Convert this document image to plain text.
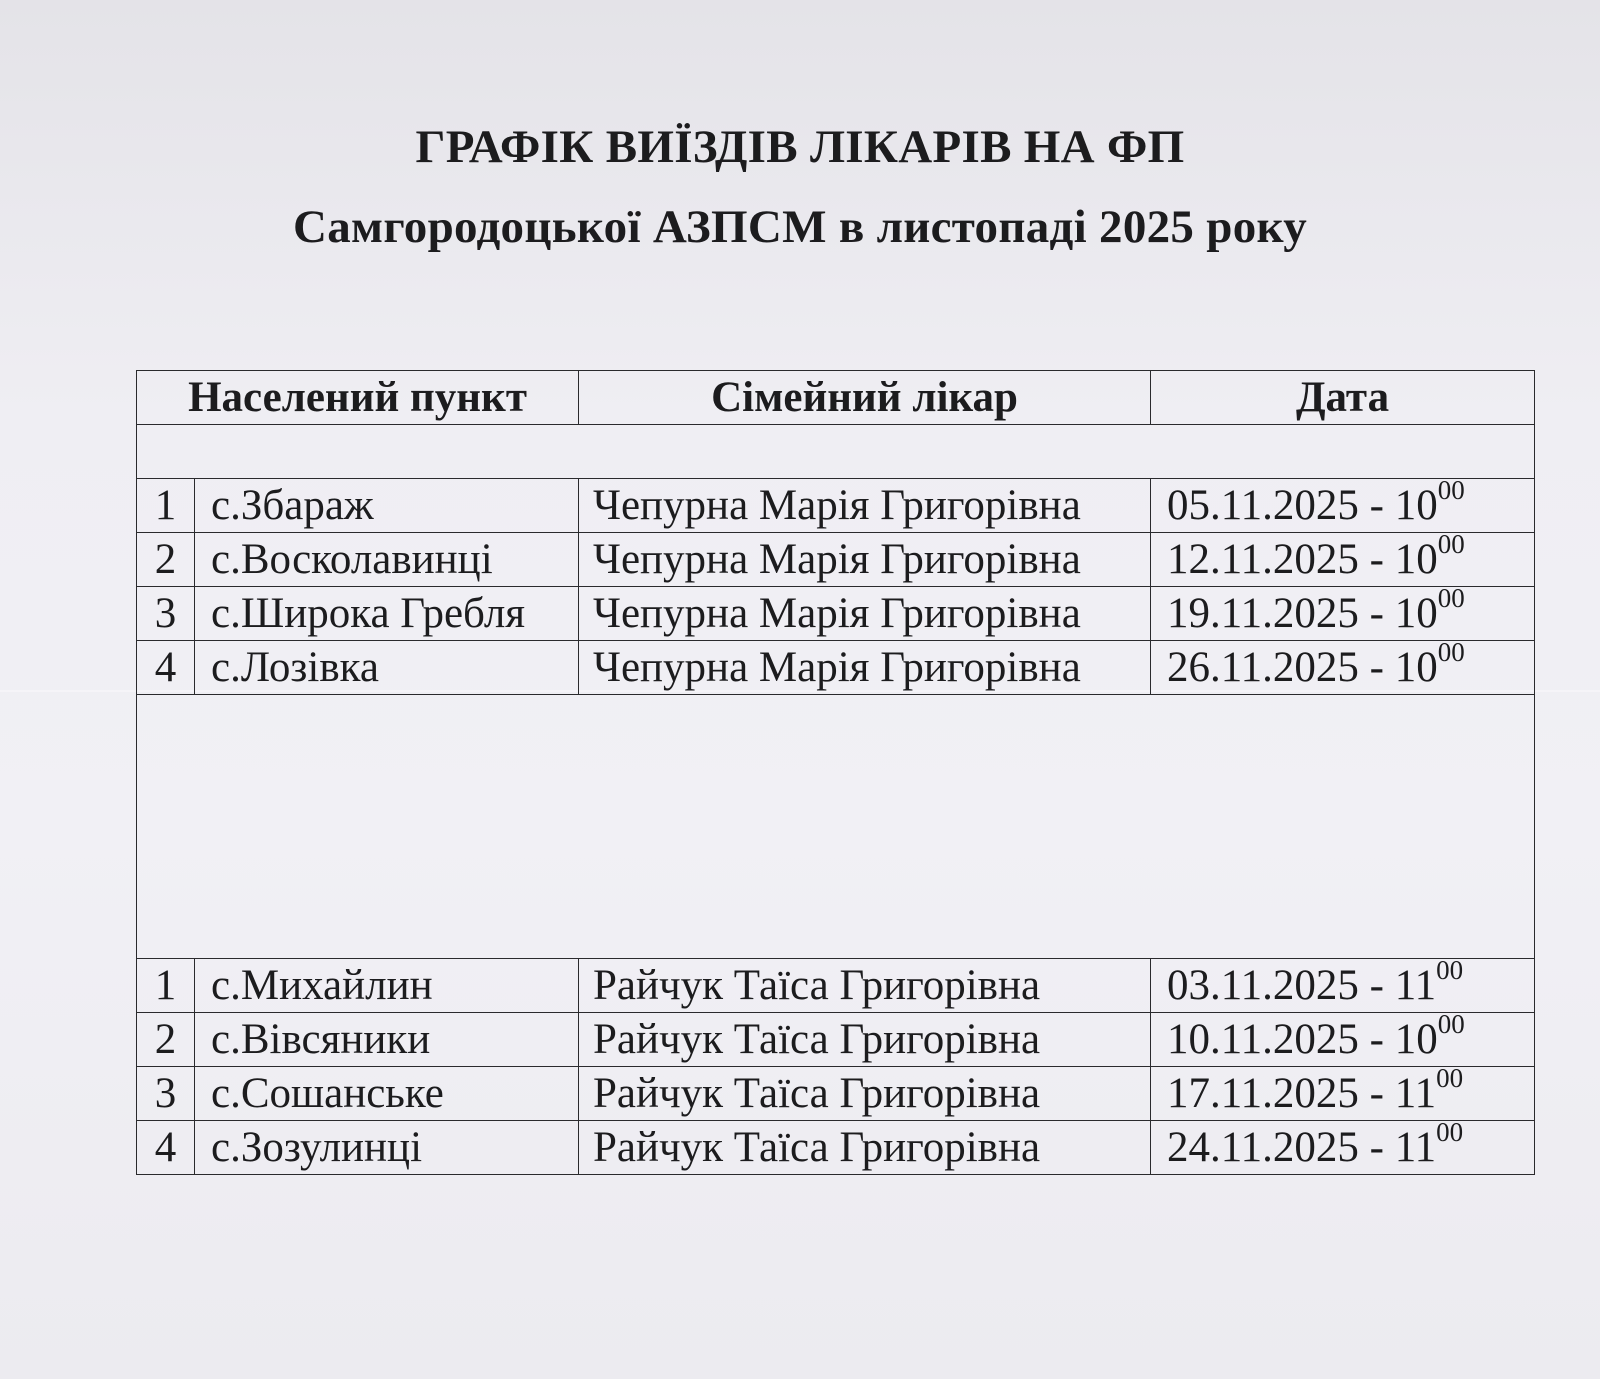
ГРАФІК ВИЇЗДІВ ЛІКАРІВ НА ФП
Самгородоцької АЗПСМ в листопаді 2025 року
Населений пункт		Сімейний лікар	Дата

1	с.Збараж	Чепурна Марія Григорівна	$05.11.2025 - 10^{00}$
2	с.Восколавинці	Чепурна Марія Григорівна	$12.11.2025 - 10^{00}$
3	с.Широка Гребля	Чепурна Марія Григорівна	$19.11.2025 - 10^{00}$
4	с.Лозівка	Чепурна Марія Григорівна	$26.11.2025 - 10^{00}$

1	с.Михайлин	Райчук Таїса Григорівна	$03.11.2025 - 11^{00}$
2	с.Вівсяники	Райчук Таїса Григорівна	$10.11.2025 - 10^{00}$
3	с.Сошанське	Райчук Таїса Григорівна	$17.11.2025 - 11^{00}$
4	с.Зозулинці	Райчук Таїса Григорівна	$24.11.2025 - 11^{00}$
